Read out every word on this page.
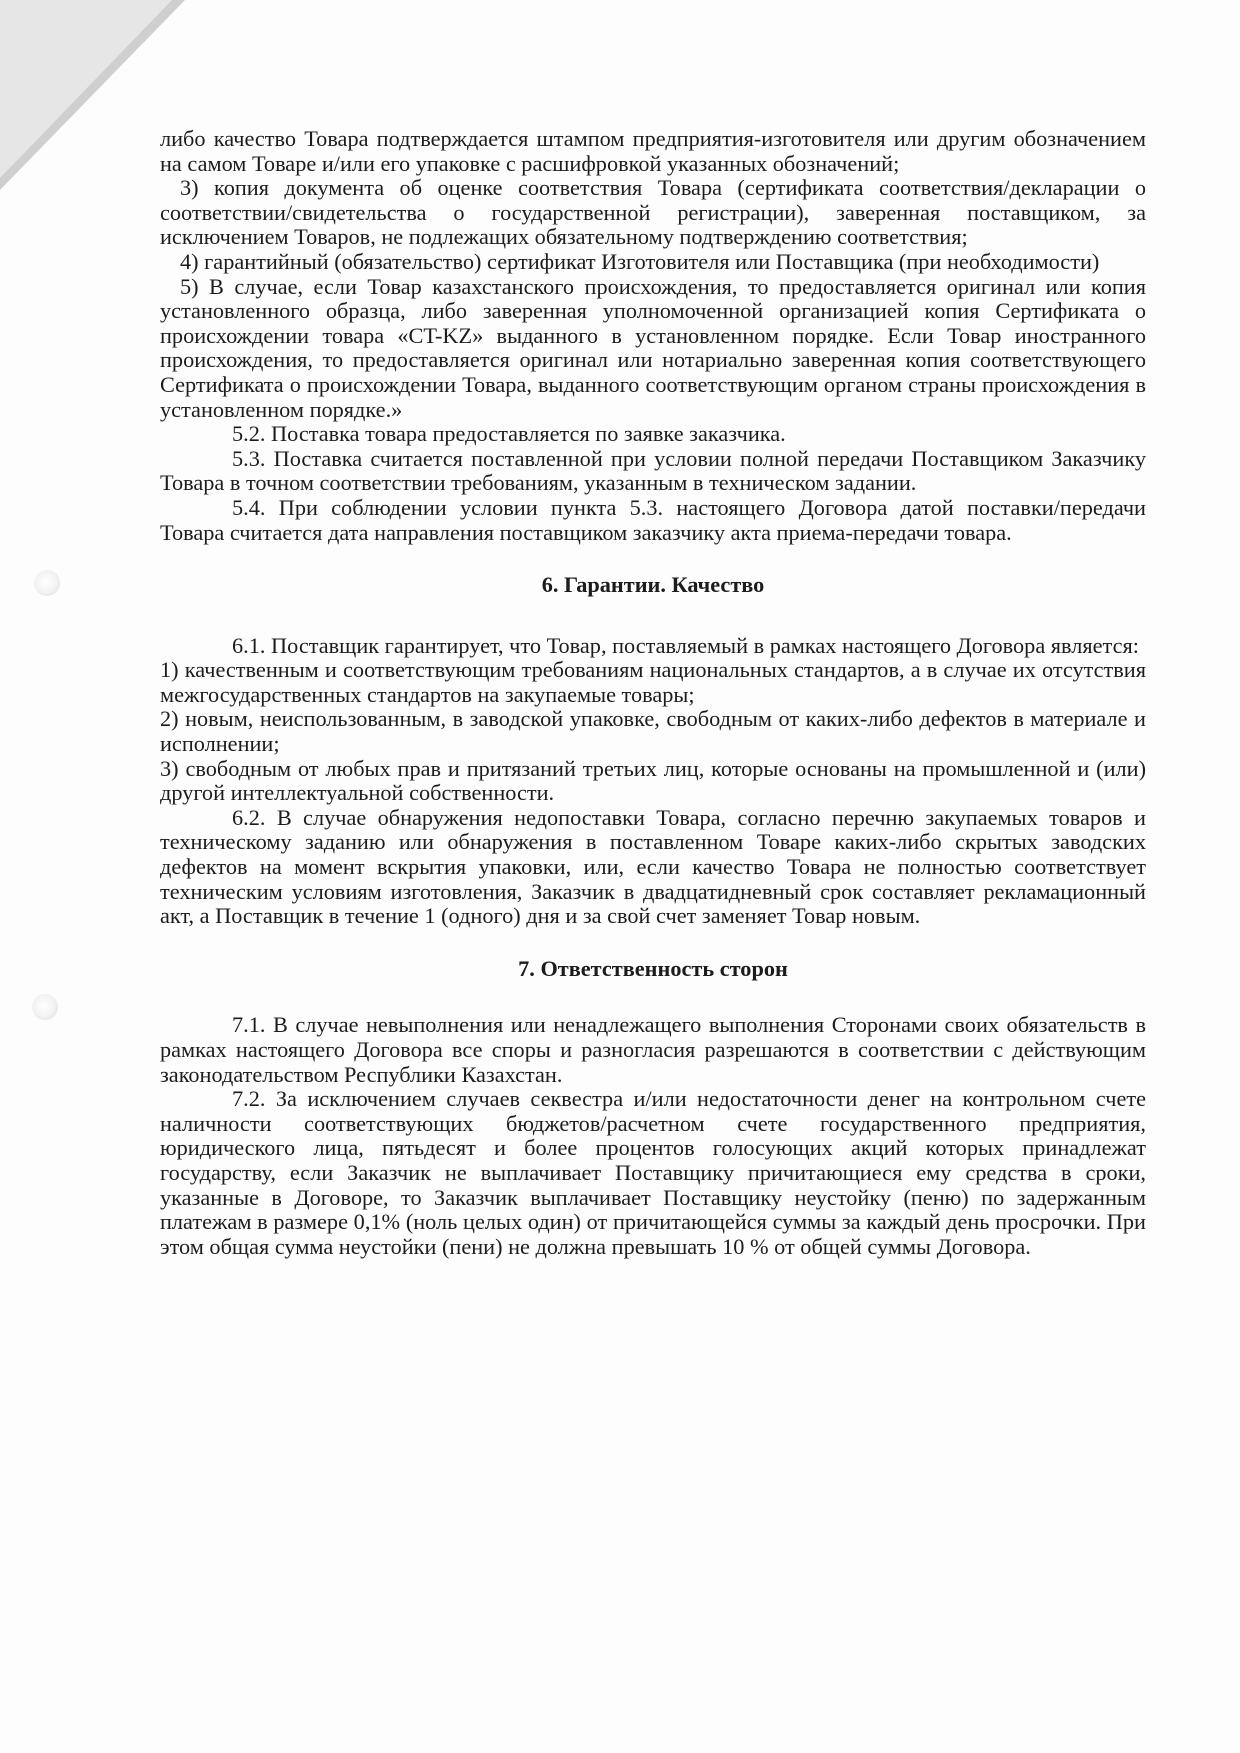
либо качество Товара подтверждается штампом предприятия-изготовителя или другим обозначением на самом Товаре и/или его упаковке с расшифровкой указанных обозначений;

3) копия документа об оценке соответствия Товара (сертификата соответствия/декларации о соответствии/свидетельства о государственной регистрации), заверенная поставщиком, за исключением Товаров, не подлежащих обязательному подтверждению соответствия;

4) гарантийный (обязательство) сертификат Изготовителя или Поставщика (при необходимости)

5) В случае, если Товар казахстанского происхождения, то предоставляется оригинал или копия установленного образца, либо заверенная уполномоченной организацией копия Сертификата о происхождении товара «CT-KZ» выданного в установленном порядке. Если Товар иностранного происхождения, то предоставляется оригинал или нотариально заверенная копия соответствующего Сертификата о происхождении Товара, выданного соответствующим органом страны происхождения в установленном порядке.»

5.2. Поставка товара предоставляется по заявке заказчика.

5.3. Поставка считается поставленной при условии полной передачи Поставщиком Заказчику Товара в точном соответствии требованиям, указанным в техническом задании.

5.4. При соблюдении условии пункта 5.3. настоящего Договора датой поставки/передачи Товара считается дата направления поставщиком заказчику акта приема-передачи товара.

6. Гарантии. Качество

6.1. Поставщик гарантирует, что Товар, поставляемый в рамках настоящего Договора является:

1) качественным и соответствующим требованиям национальных стандартов, а в случае их отсутствия межгосударственных стандартов на закупаемые товары;

2) новым, неиспользованным, в заводской упаковке, свободным от каких-либо дефектов в материале и исполнении;

3) свободным от любых прав и притязаний третьих лиц, которые основаны на промышленной и (или) другой интеллектуальной собственности.

6.2. В случае обнаружения недопоставки Товара, согласно перечню закупаемых товаров и техническому заданию или обнаружения в поставленном Товаре каких-либо скрытых заводских дефектов на момент вскрытия упаковки, или, если качество Товара не полностью соответствует техническим условиям изготовления, Заказчик в двадцатидневный срок составляет рекламационный акт, а Поставщик в течение 1 (одного) дня и за свой счет заменяет Товар новым.

7. Ответственность сторон

7.1. В случае невыполнения или ненадлежащего выполнения Сторонами своих обязательств в рамках настоящего Договора все споры и разногласия разрешаются в соответствии с действующим законодательством Республики Казахстан.

7.2. За исключением случаев секвестра и/или недостаточности денег на контрольном счете наличности соответствующих бюджетов/расчетном счете государственного предприятия, юридического лица, пятьдесят и более процентов голосующих акций которых принадлежат государству, если Заказчик не выплачивает Поставщику причитающиеся ему средства в сроки, указанные в Договоре, то Заказчик выплачивает Поставщику неустойку (пеню) по задержанным платежам в размере 0,1% (ноль целых один) от причитающейся суммы за каждый день просрочки. При этом общая сумма неустойки (пени) не должна превышать 10 % от общей суммы Договора.
